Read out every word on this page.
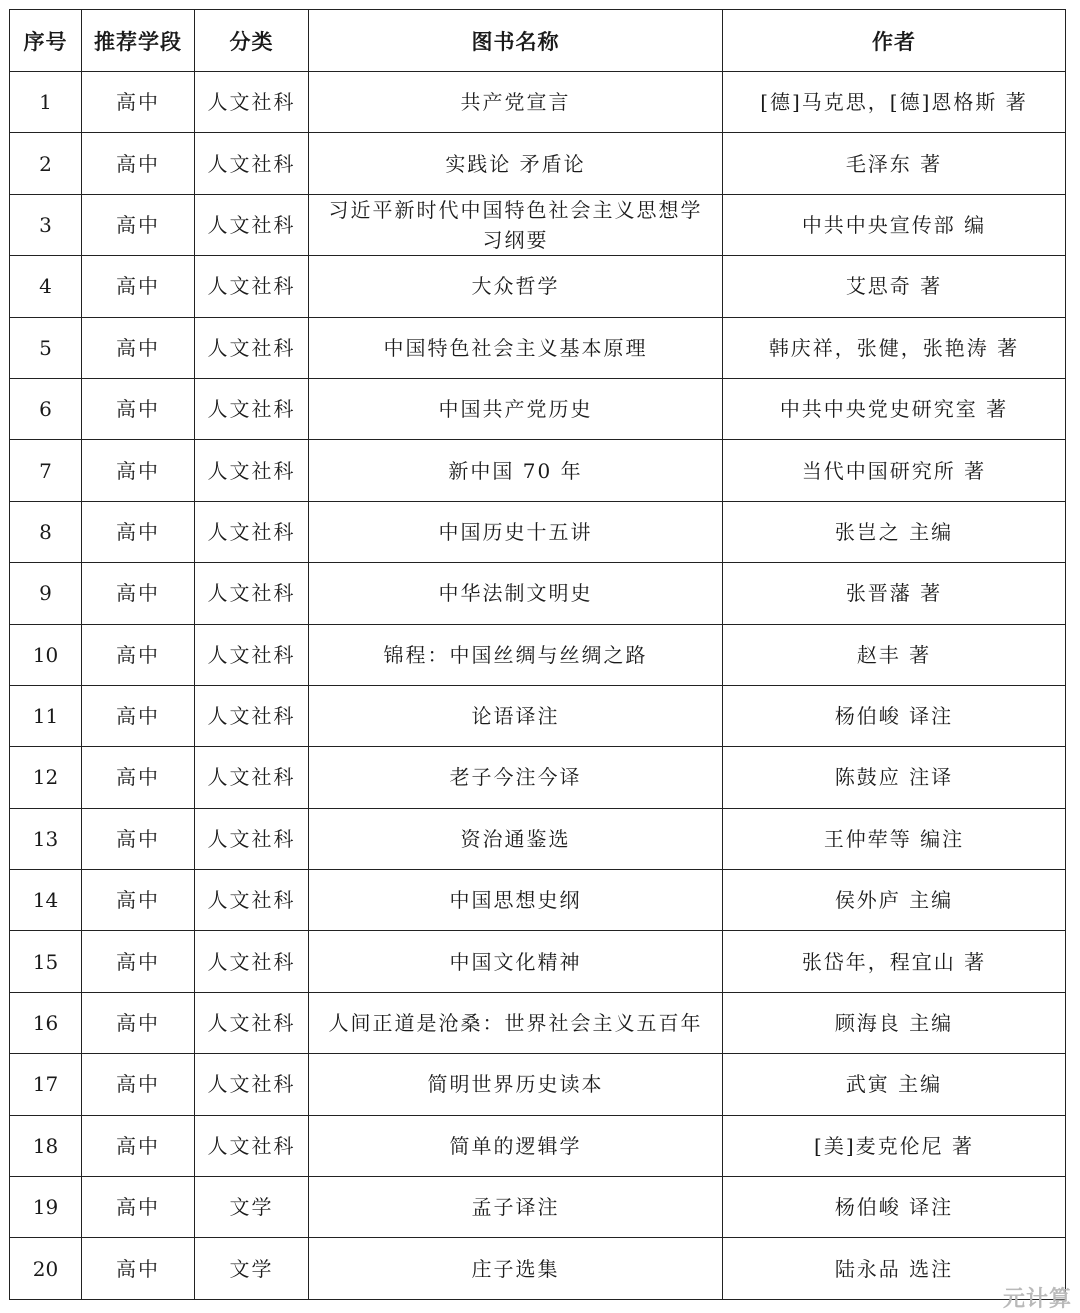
序号	推荐学段	分类	图书名称	作者
1	高中	人文社科	共产党宣言	[德]马克思，[德]恩格斯 著
2	高中	人文社科	实践论 矛盾论	毛泽东 著
3	高中	人文社科	习近平新时代中国特色社会主义思想学习纲要	中共中央宣传部 编
4	高中	人文社科	大众哲学	艾思奇 著
5	高中	人文社科	中国特色社会主义基本原理	韩庆祥，张健，张艳涛 著
6	高中	人文社科	中国共产党历史	中共中央党史研究室 著
7	高中	人文社科	新中国 70 年	当代中国研究所 著
8	高中	人文社科	中国历史十五讲	张岂之 主编
9	高中	人文社科	中华法制文明史	张晋藩 著
10	高中	人文社科	锦程：中国丝绸与丝绸之路	赵丰 著
11	高中	人文社科	论语译注	杨伯峻 译注
12	高中	人文社科	老子今注今译	陈鼓应 注译
13	高中	人文社科	资治通鉴选	王仲荦等 编注
14	高中	人文社科	中国思想史纲	侯外庐 主编
15	高中	人文社科	中国文化精神	张岱年，程宜山 著
16	高中	人文社科	人间正道是沧桑：世界社会主义五百年	顾海良 主编
17	高中	人文社科	简明世界历史读本	武寅 主编
18	高中	人文社科	简单的逻辑学	[美]麦克伦尼 著
19	高中	文学	孟子译注	杨伯峻 译注
20	高中	文学	庄子选集	陆永品 选注
元计算
